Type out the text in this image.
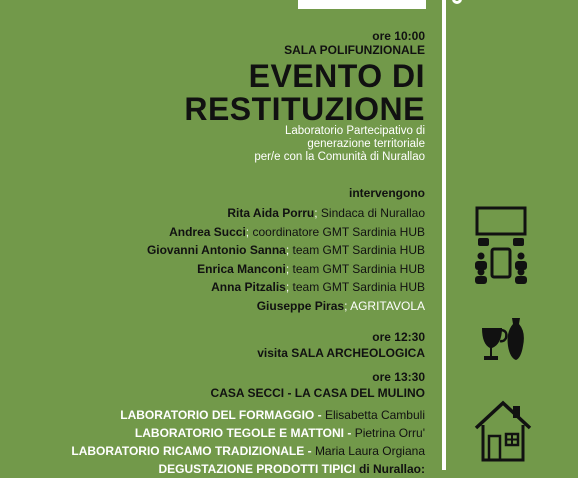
ore 10:00
SALA POLIFUNZIONALE
EVENTO DI
RESTITUZIONE
Laboratorio Partecipativo di
generazione territoriale
per/e con la Comunità di Nurallao
intervengono
Rita Aida Porru; Sindaca di Nurallao
Andrea Succi; coordinatore GMT Sardinia HUB
Giovanni Antonio Sanna; team GMT Sardinia HUB
Enrica Manconi; team GMT Sardinia HUB
Anna Pitzalis; team GMT Sardinia HUB
Giuseppe Piras; AGRITAVOLA
ore 12:30
visita SALA ARCHEOLOGICA
ore 13:30
CASA SECCI - LA CASA DEL MULINO
LABORATORIO DEL FORMAGGIO - Elisabetta Cambuli
LABORATORIO TEGOLE E MATTONI - Pietrina Orru'
LABORATORIO RICAMO TRADIZIONALE - Maria Laura Orgiana
DEGUSTAZIONE PRODOTTI TIPICI di Nurallao:
